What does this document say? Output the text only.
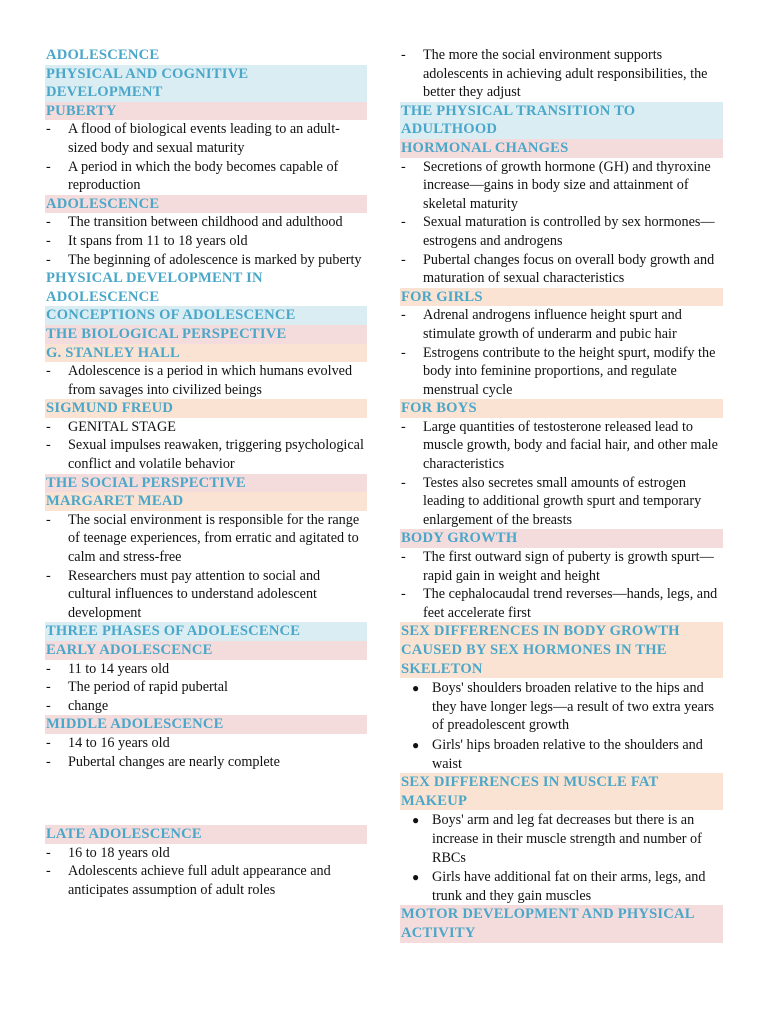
ADOLESCENCE
PHYSICAL AND COGNITIVE DEVELOPMENT
PUBERTY
- A flood of biological events leading to an adult-sized body and sexual maturity
- A period in which the body becomes capable of reproduction
ADOLESCENCE
- The transition between childhood and adulthood
- It spans from 11 to 18 years old
- The beginning of adolescence is marked by puberty
PHYSICAL DEVELOPMENT IN ADOLESCENCE
CONCEPTIONS OF ADOLESCENCE
THE BIOLOGICAL PERSPECTIVE
G. STANLEY HALL
- Adolescence is a period in which humans evolved from savages into civilized beings
SIGMUND FREUD
- GENITAL STAGE
- Sexual impulses reawaken, triggering psychological conflict and volatile behavior
THE SOCIAL PERSPECTIVE
MARGARET MEAD
- The social environment is responsible for the range of teenage experiences, from erratic and agitated to calm and stress-free
- Researchers must pay attention to social and cultural influences to understand adolescent development
THREE PHASES OF ADOLESCENCE
EARLY ADOLESCENCE
- 11 to 14 years old
- The period of rapid pubertal
- change
MIDDLE ADOLESCENCE
- 14 to 16 years old
- Pubertal changes are nearly complete
LATE ADOLESCENCE
- 16 to 18 years old
- Adolescents achieve full adult appearance and anticipates assumption of adult roles
- The more the social environment supports adolescents in achieving adult responsibilities, the better they adjust
THE PHYSICAL TRANSITION TO ADULTHOOD
HORMONAL CHANGES
- Secretions of growth hormone (GH) and thyroxine increase—gains in body size and attainment of skeletal maturity
- Sexual maturation is controlled by sex hormones—estrogens and androgens
- Pubertal changes focus on overall body growth and maturation of sexual characteristics
FOR GIRLS
- Adrenal androgens influence height spurt and stimulate growth of underarm and pubic hair
- Estrogens contribute to the height spurt, modify the body into feminine proportions, and regulate menstrual cycle
FOR BOYS
- Large quantities of testosterone released lead to muscle growth, body and facial hair, and other male characteristics
- Testes also secretes small amounts of estrogen leading to additional growth spurt and temporary enlargement of the breasts
BODY GROWTH
- The first outward sign of puberty is growth spurt—rapid gain in weight and height
- The cephalocaudal trend reverses—hands, legs, and feet accelerate first
SEX DIFFERENCES IN BODY GROWTH CAUSED BY SEX HORMONES IN THE SKELETON
● Boys' shoulders broaden relative to the hips and they have longer legs—a result of two extra years of preadolescent growth
● Girls' hips broaden relative to the shoulders and waist
SEX DIFFERENCES IN MUSCLE FAT MAKEUP
● Boys' arm and leg fat decreases but there is an increase in their muscle strength and number of RBCs
● Girls have additional fat on their arms, legs, and trunk and they gain muscles
MOTOR DEVELOPMENT AND PHYSICAL ACTIVITY
